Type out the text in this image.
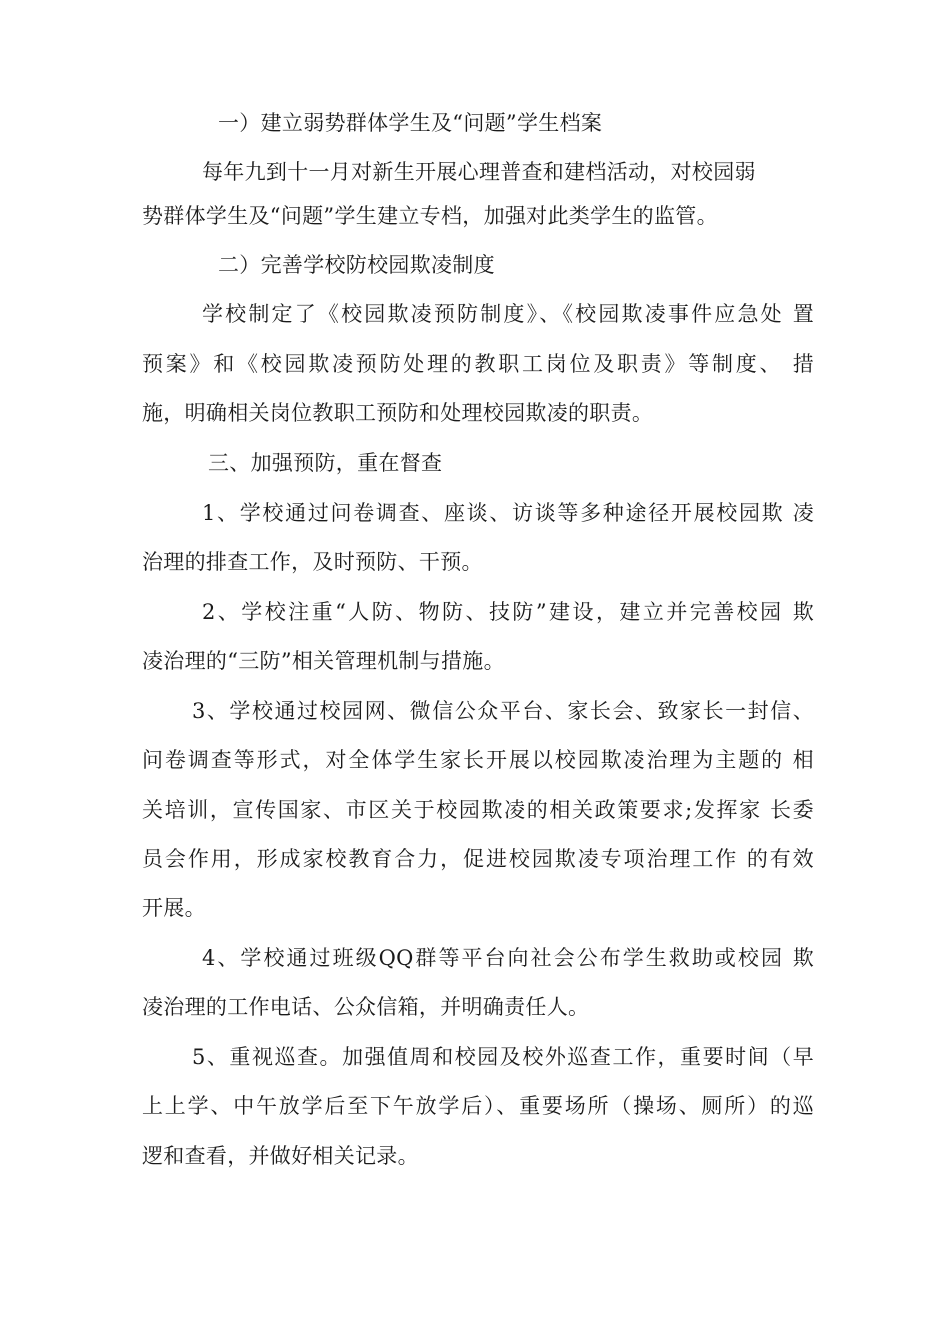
一）建立弱势群体学生及“问题”学生档案
每年九到十一月对新生开展心理普查和建档活动，对校园弱
势群体学生及“问题”学生建立专档，加强对此类学生的监管。
二）完善学校防校园欺凌制度
学校制定了《校园欺凌预防制度》、《校园欺凌事件应急处 置
预案》和《校园欺凌预防处理的教职工岗位及职责》等制度、 措
施，明确相关岗位教职工预防和处理校园欺凌的职责。
三、加强预防，重在督查
1、学校通过问卷调查、座谈、访谈等多种途径开展校园欺 凌
治理的排查工作，及时预防、干预。
2、学校注重“人防、物防、技防”建设，建立并完善校园 欺
凌治理的“三防”相关管理机制与措施。
3、学校通过校园网、微信公众平台、家长会、致家长一封信、
问卷调查等形式，对全体学生家长开展以校园欺凌治理为主题的 相
关培训，宣传国家、市区关于校园欺凌的相关政策要求;发挥家 长委
员会作用，形成家校教育合力，促进校园欺凌专项治理工作 的有效
开展。
4、学校通过班级QQ群等平台向社会公布学生救助或校园 欺
凌治理的工作电话、公众信箱，并明确责任人。
5、重视巡查。加强值周和校园及校外巡查工作，重要时间（早
上上学、中午放学后至下午放学后）、重要场所（操场、厕所）的巡
逻和查看，并做好相关记录。
